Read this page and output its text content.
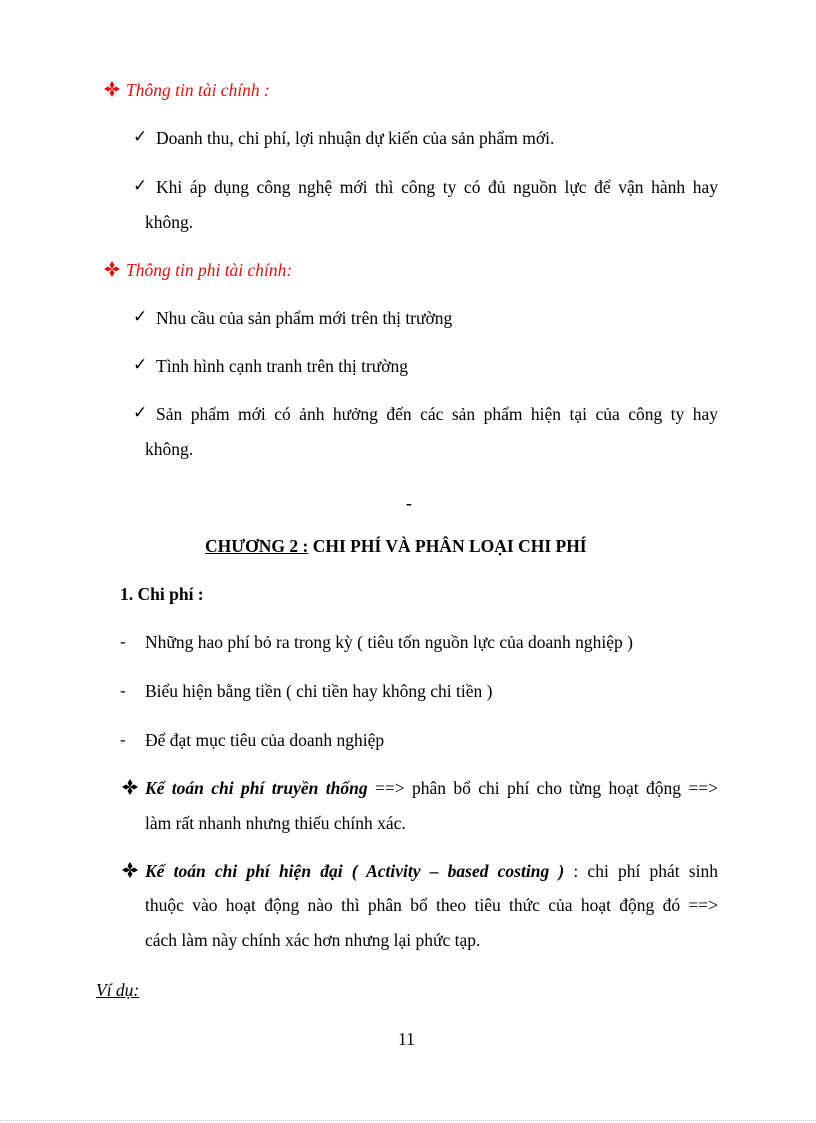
Thông tin tài chính :
✓ Doanh thu, chi phí, lợi nhuận dự kiến của sản phẩm mới.
✓ Khi áp dụng công nghệ mới thì công ty có đủ nguồn lực để vận hành hay
không.
Thông tin phi tài chính:
✓ Nhu cầu của sản phẩm mới trên thị trường
✓ Tình hình cạnh tranh trên thị trường
✓ Sản phẩm mới có ảnh hưởng đến các sản phẩm hiện tại của công ty hay
không.
-
CHƯƠNG 2 : CHI PHÍ VÀ PHÂN LOẠI CHI PHÍ
1. Chi phí :
- Những hao phí bỏ ra trong kỳ ( tiêu tốn nguồn lực của doanh nghiệp )
- Biểu hiện bằng tiền ( chi tiền hay không chi tiền )
- Để đạt mục tiêu của doanh nghiệp
Kế toán chi phí truyền thống ==> phân bổ chi phí cho từng hoạt động ==>
làm rất nhanh nhưng thiếu chính xác.
Kế toán chi phí hiện đại ( Activity – based costing ) : chi phí phát sinh
thuộc vào hoạt động nào thì phân bổ theo tiêu thức của hoạt động đó ==>
cách làm này chính xác hơn nhưng lại phức tạp.
Ví dụ:
11
